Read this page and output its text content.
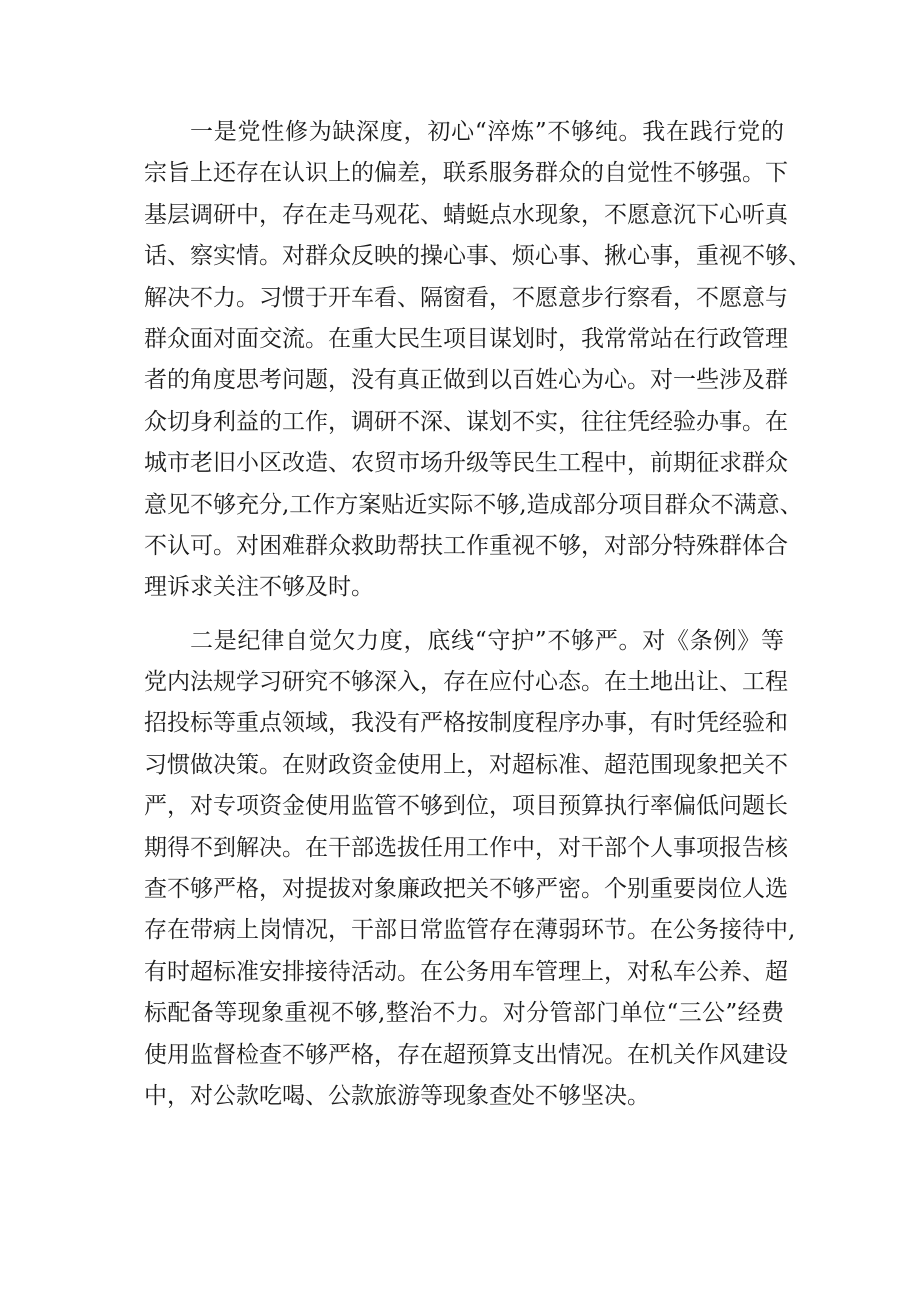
一是党性修为缺深度，初心“淬炼”不够纯。我在践行党的
宗旨上还存在认识上的偏差，联系服务群众的自觉性不够强。下
基层调研中，存在走马观花、蜻蜓点水现象，不愿意沉下心听真
话、察实情。对群众反映的操心事、烦心事、揪心事，重视不够、
解决不力。习惯于开车看、隔窗看，不愿意步行察看，不愿意与
群众面对面交流。在重大民生项目谋划时，我常常站在行政管理
者的角度思考问题，没有真正做到以百姓心为心。对一些涉及群
众切身利益的工作，调研不深、谋划不实，往往凭经验办事。在
城市老旧小区改造、农贸市场升级等民生工程中，前期征求群众
意见不够充分,工作方案贴近实际不够,造成部分项目群众不满意、
不认可。对困难群众救助帮扶工作重视不够，对部分特殊群体合
理诉求关注不够及时。
二是纪律自觉欠力度，底线“守护”不够严。对《条例》等
党内法规学习研究不够深入，存在应付心态。在土地出让、工程
招投标等重点领域，我没有严格按制度程序办事，有时凭经验和
习惯做决策。在财政资金使用上，对超标准、超范围现象把关不
严，对专项资金使用监管不够到位，项目预算执行率偏低问题长
期得不到解决。在干部选拔任用工作中，对干部个人事项报告核
查不够严格，对提拔对象廉政把关不够严密。个别重要岗位人选
存在带病上岗情况，干部日常监管存在薄弱环节。在公务接待中,
有时超标准安排接待活动。在公务用车管理上，对私车公养、超
标配备等现象重视不够,整治不力。对分管部门单位“三公”经费
使用监督检查不够严格，存在超预算支出情况。在机关作风建设
中，对公款吃喝、公款旅游等现象查处不够坚决。
